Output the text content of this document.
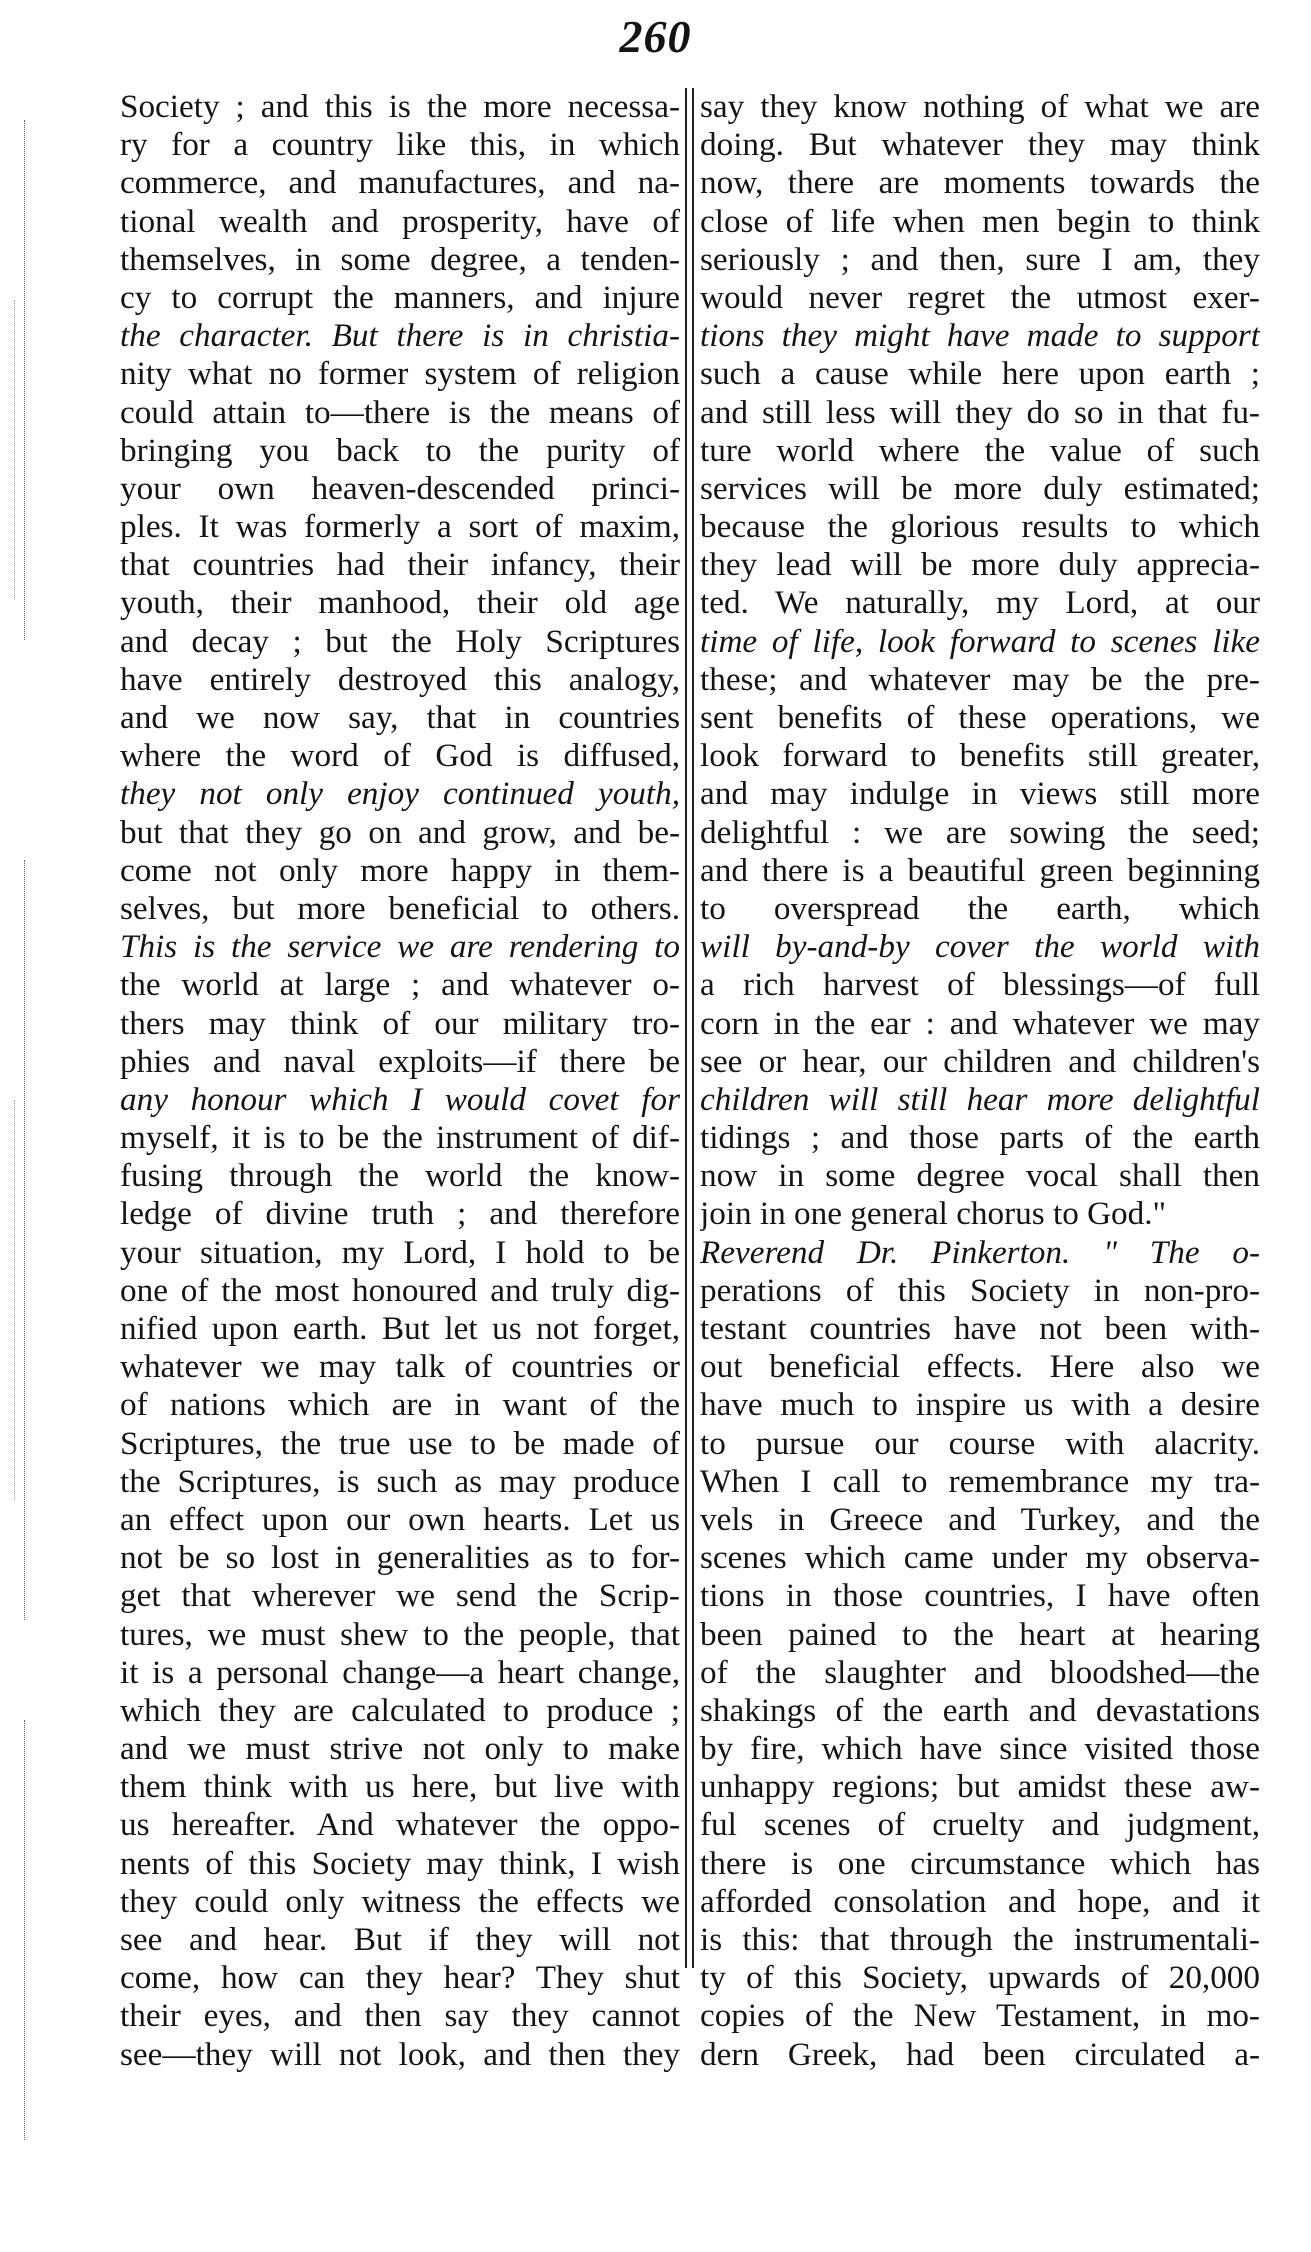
260
Society ; and this is the more necessa-
ry for a country like this, in which
commerce, and manufactures, and na-
tional wealth and prosperity, have of
themselves, in some degree, a tenden-
cy to corrupt the manners, and injure
the character. But there is in christia-
nity what no former system of religion
could attain to—there is the means of
bringing you back to the purity of
your own heaven-descended princi-
ples. It was formerly a sort of maxim,
that countries had their infancy, their
youth, their manhood, their old age
and decay ; but the Holy Scriptures
have entirely destroyed this analogy,
and we now say, that in countries
where the word of God is diffused,
they not only enjoy continued youth,
but that they go on and grow, and be-
come not only more happy in them-
selves, but more beneficial to others.
This is the service we are rendering to
the world at large ; and whatever o-
thers may think of our military tro-
phies and naval exploits—if there be
any honour which I would covet for
myself, it is to be the instrument of dif-
fusing through the world the know-
ledge of divine truth ; and therefore
your situation, my Lord, I hold to be
one of the most honoured and truly dig-
nified upon earth. But let us not forget,
whatever we may talk of countries or
of nations which are in want of the
Scriptures, the true use to be made of
the Scriptures, is such as may produce
an effect upon our own hearts. Let us
not be so lost in generalities as to for-
get that wherever we send the Scrip-
tures, we must shew to the people, that
it is a personal change—a heart change,
which they are calculated to produce ;
and we must strive not only to make
them think with us here, but live with
us hereafter. And whatever the oppo-
nents of this Society may think, I wish
they could only witness the effects we
see and hear. But if they will not
come, how can they hear? They shut
their eyes, and then say they cannot
see—they will not look, and then they
say they know nothing of what we are
doing. But whatever they may think
now, there are moments towards the
close of life when men begin to think
seriously ; and then, sure I am, they
would never regret the utmost exer-
tions they might have made to support
such a cause while here upon earth ;
and still less will they do so in that fu-
ture world where the value of such
services will be more duly estimated;
because the glorious results to which
they lead will be more duly apprecia-
ted. We naturally, my Lord, at our
time of life, look forward to scenes like
these; and whatever may be the pre-
sent benefits of these operations, we
look forward to benefits still greater,
and may indulge in views still more
delightful : we are sowing the seed;
and there is a beautiful green beginning
to overspread the earth, which
will by-and-by cover the world with
a rich harvest of blessings—of full
corn in the ear : and whatever we may
see or hear, our children and children's
children will still hear more delightful
tidings ; and those parts of the earth
now in some degree vocal shall then
join in one general chorus to God."
Reverend Dr. Pinkerton. " The o-
perations of this Society in non-pro-
testant countries have not been with-
out beneficial effects. Here also we
have much to inspire us with a desire
to pursue our course with alacrity.
When I call to remembrance my tra-
vels in Greece and Turkey, and the
scenes which came under my observa-
tions in those countries, I have often
been pained to the heart at hearing
of the slaughter and bloodshed—the
shakings of the earth and devastations
by fire, which have since visited those
unhappy regions; but amidst these aw-
ful scenes of cruelty and judgment,
there is one circumstance which has
afforded consolation and hope, and it
is this: that through the instrumentali-
ty of this Society, upwards of 20,000
copies of the New Testament, in mo-
dern Greek, had been circulated a-
